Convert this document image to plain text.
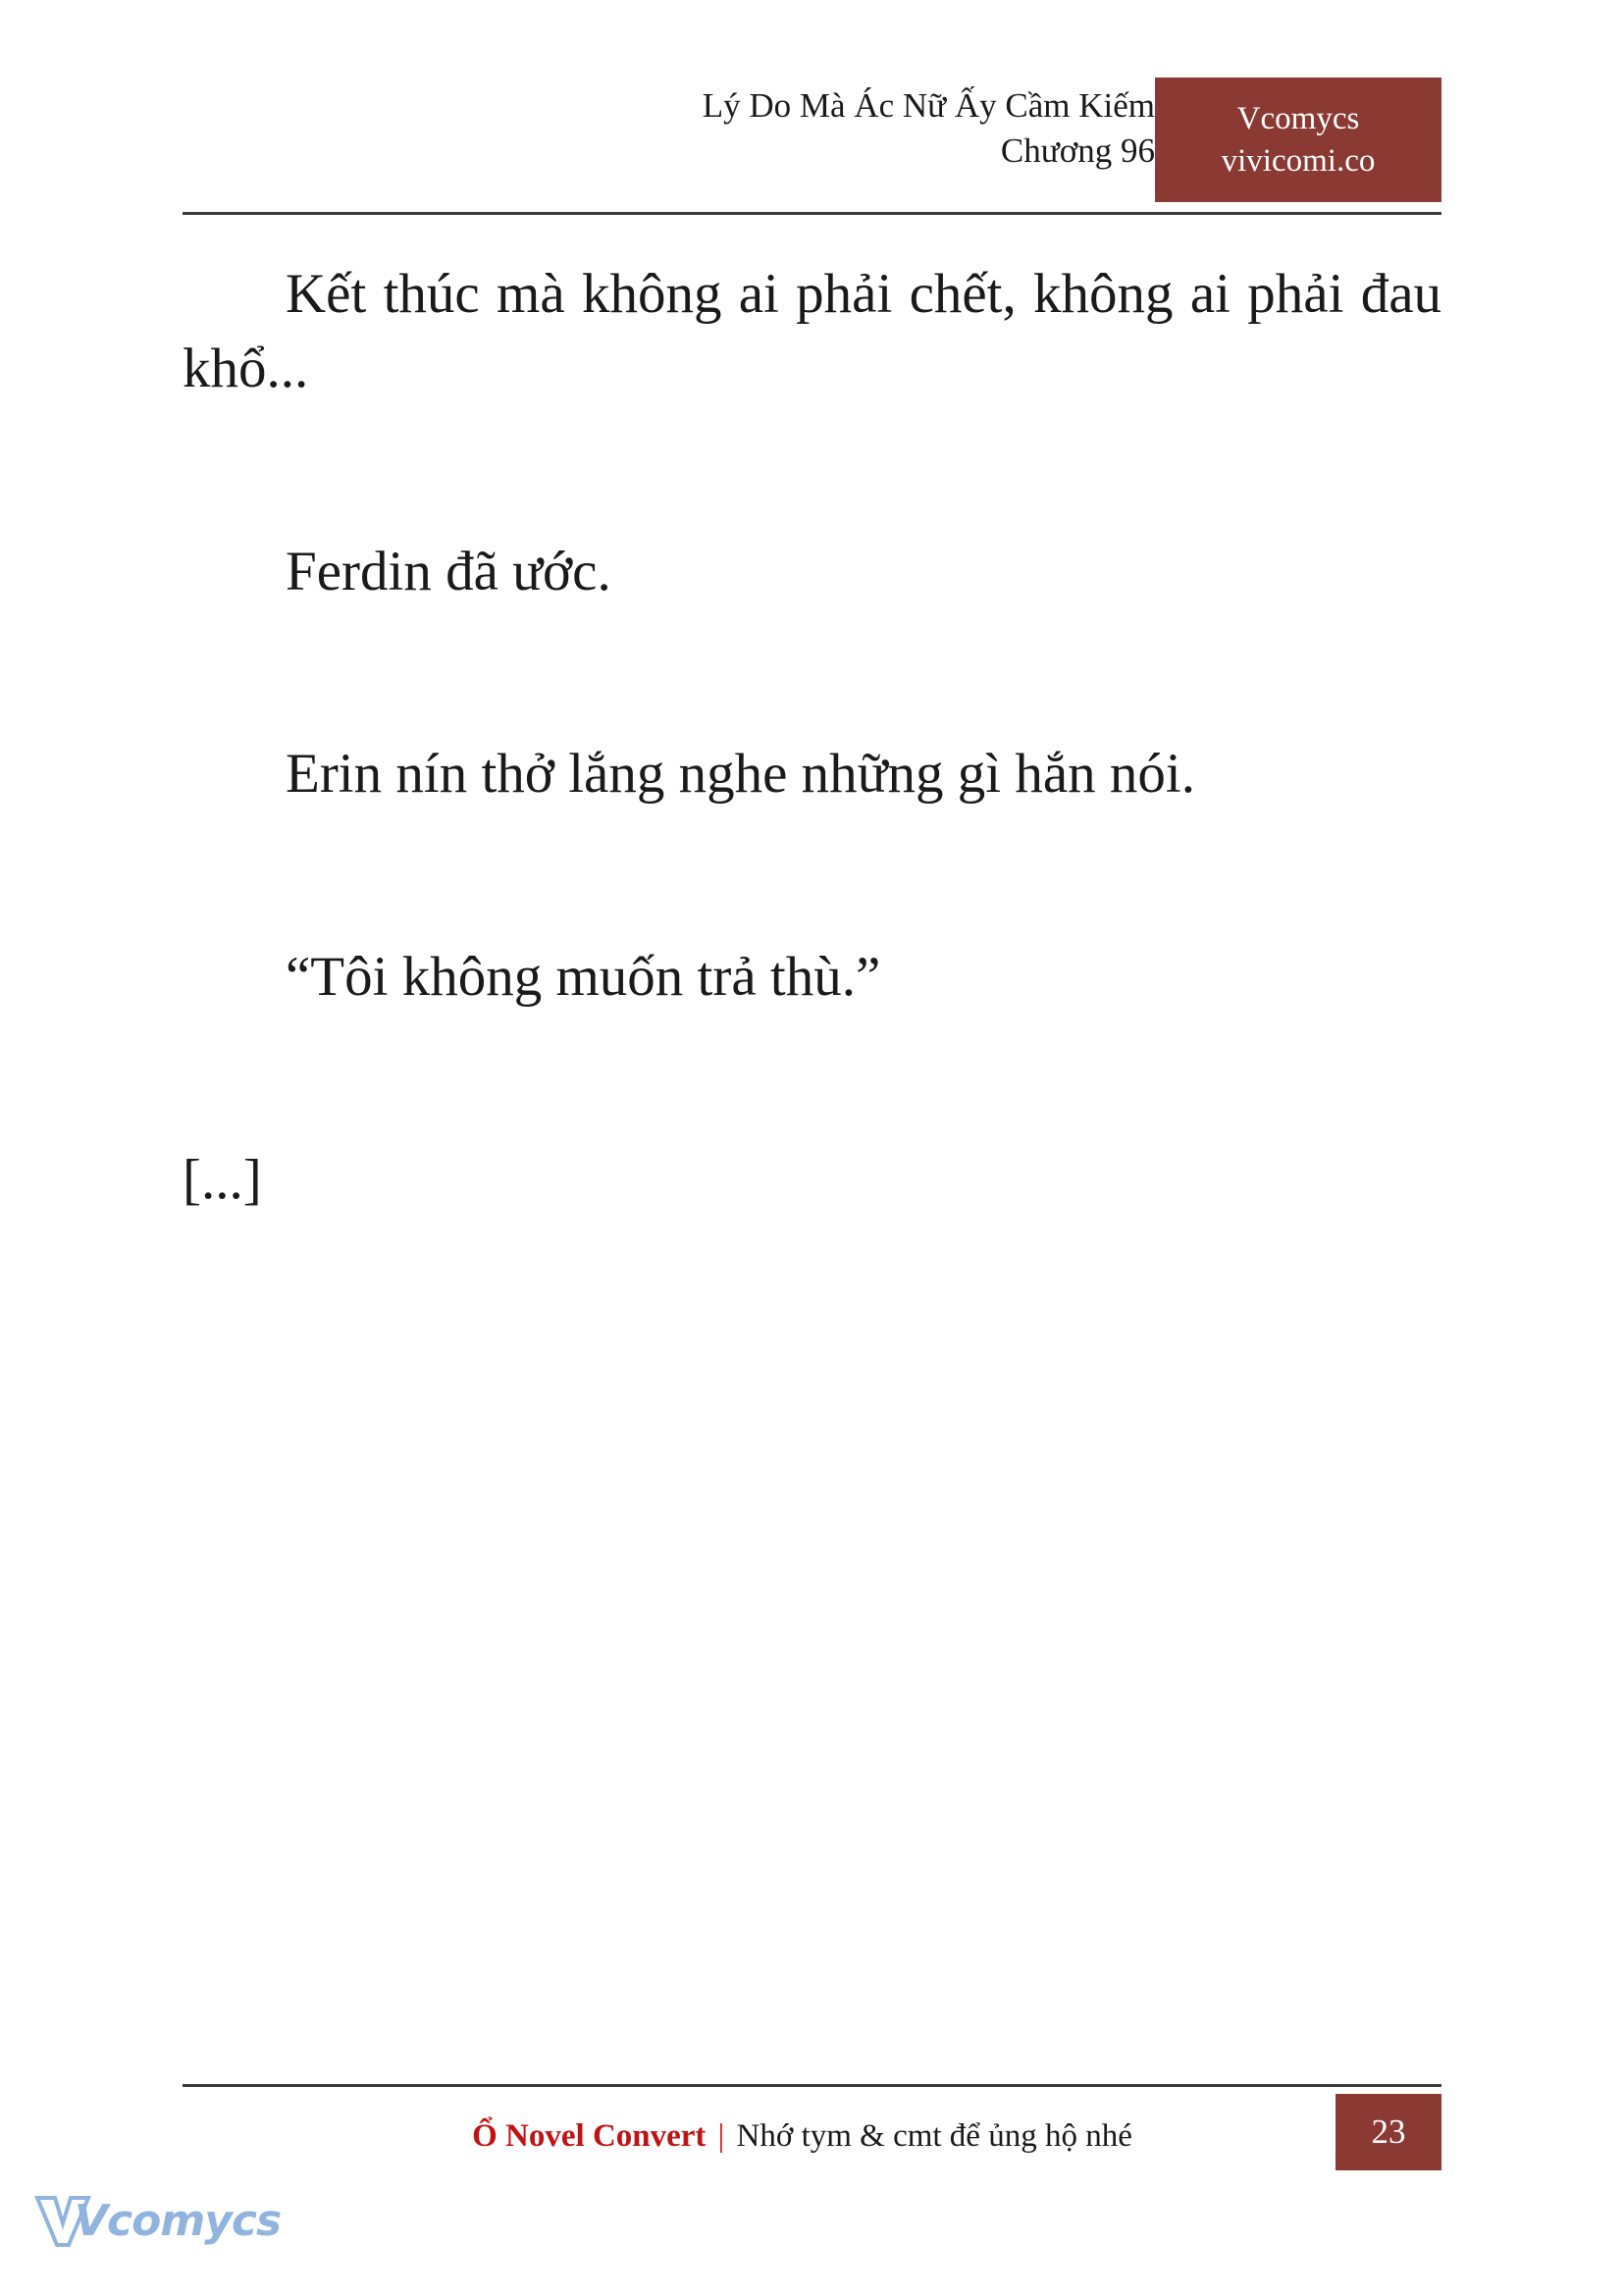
Lý Do Mà Ác Nữ Ấy Cầm Kiếm
Chương 96
Vcomycs
vivicomi.co

Kết thúc mà không ai phải chết, không ai phải đau khổ...

Ferdin đã ước.

Erin nín thở lắng nghe những gì hắn nói.

“Tôi không muốn trả thù.”

[...]

Ổ Novel Convert | Nhớ tym & cmt để ủng hộ nhé	23
Vcomycs
